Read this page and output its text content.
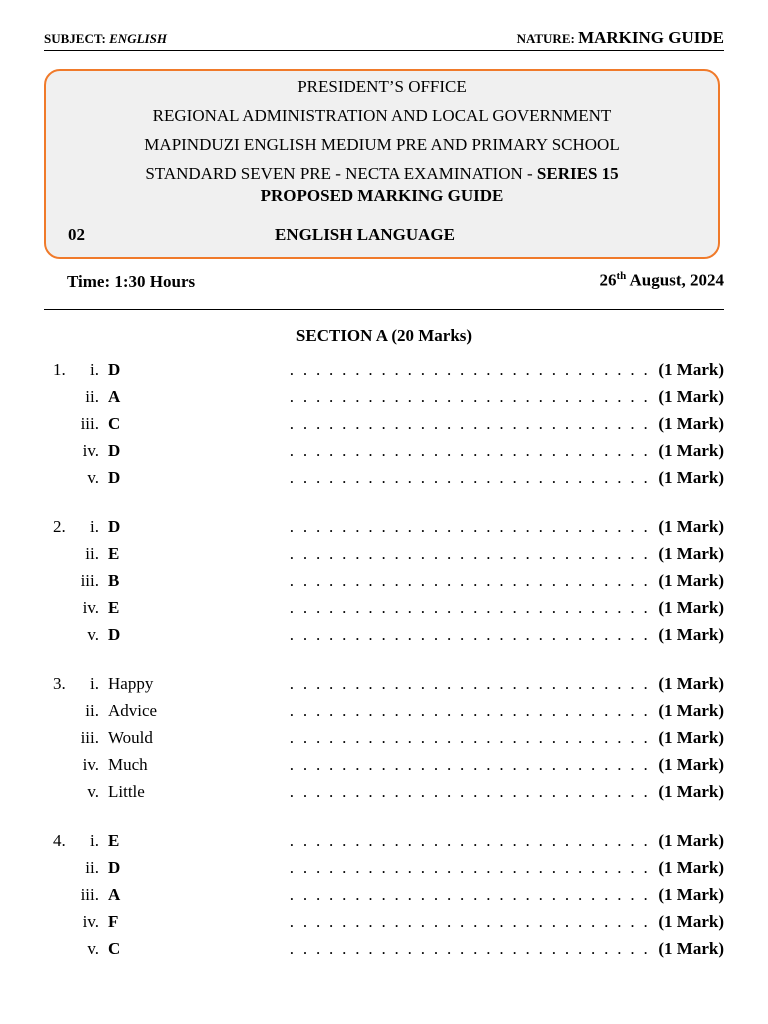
SUBJECT: ENGLISH	NATURE: MARKING GUIDE
PRESIDENT’S OFFICE
REGIONAL ADMINISTRATION AND LOCAL GOVERNMENT
MAPINDUZI ENGLISH MEDIUM PRE AND PRIMARY SCHOOL
STANDARD SEVEN PRE - NECTA EXAMINATION - SERIES 15
PROPOSED MARKING GUIDE
02	ENGLISH LANGUAGE
Time: 1:30 Hours	26th August, 2024
SECTION A (20 Marks)
1. i. D	. . . . . . . . . . . . . . . . . . . . . . . . . . . . (1 Mark)
ii. A	. . . . . . . . . . . . . . . . . . . . . . . . . . . . (1 Mark)
iii. C	. . . . . . . . . . . . . . . . . . . . . . . . . . . . (1 Mark)
iv. D	. . . . . . . . . . . . . . . . . . . . . . . . . . . . (1 Mark)
v. D	. . . . . . . . . . . . . . . . . . . . . . . . . . . . (1 Mark)
2. i. D	. . . . . . . . . . . . . . . . . . . . . . . . . . . . (1 Mark)
ii. E	. . . . . . . . . . . . . . . . . . . . . . . . . . . . (1 Mark)
iii. B	. . . . . . . . . . . . . . . . . . . . . . . . . . . . (1 Mark)
iv. E	. . . . . . . . . . . . . . . . . . . . . . . . . . . . (1 Mark)
v. D	. . . . . . . . . . . . . . . . . . . . . . . . . . . . (1 Mark)
3. i. Happy	. . . . . . . . . . . . . . . . . . . . . . . . . . . . (1 Mark)
ii. Advice	. . . . . . . . . . . . . . . . . . . . . . . . . . . . (1 Mark)
iii. Would	. . . . . . . . . . . . . . . . . . . . . . . . . . . . (1 Mark)
iv. Much	. . . . . . . . . . . . . . . . . . . . . . . . . . . . (1 Mark)
v. Little	. . . . . . . . . . . . . . . . . . . . . . . . . . . . (1 Mark)
4. i. E	. . . . . . . . . . . . . . . . . . . . . . . . . . . . (1 Mark)
ii. D	. . . . . . . . . . . . . . . . . . . . . . . . . . . . (1 Mark)
iii. A	. . . . . . . . . . . . . . . . . . . . . . . . . . . . (1 Mark)
iv. F	. . . . . . . . . . . . . . . . . . . . . . . . . . . . (1 Mark)
v. C	. . . . . . . . . . . . . . . . . . . . . . . . . . . . (1 Mark)
